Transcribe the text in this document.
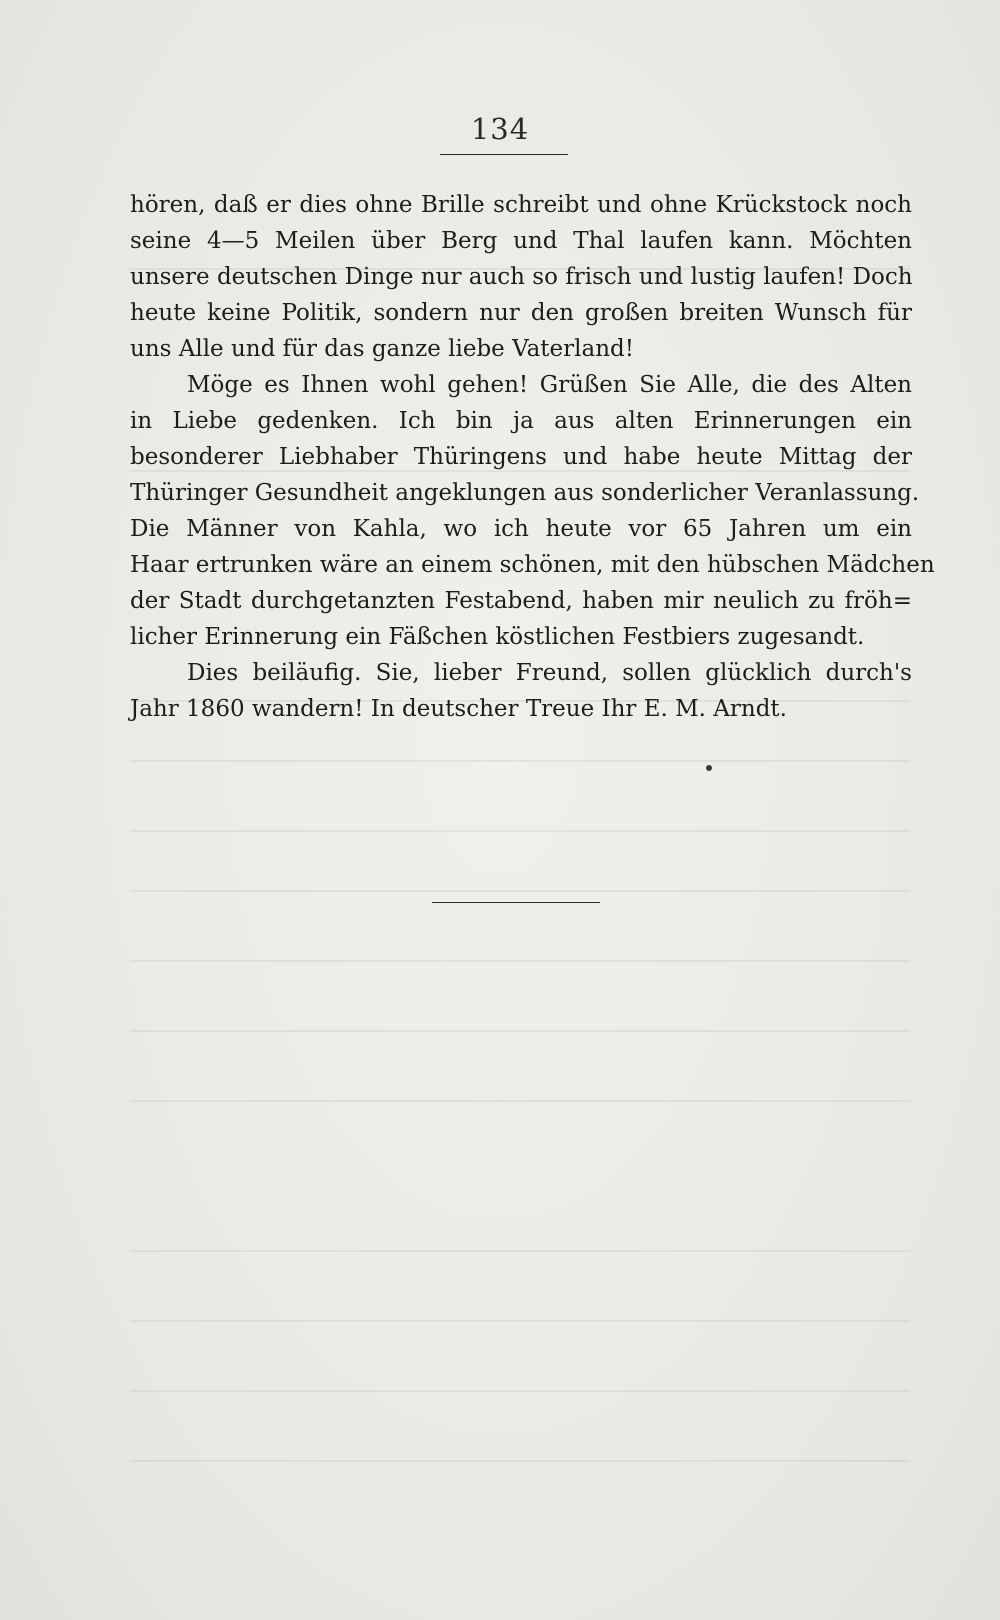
134
hören, daß er dies ohne Brille schreibt und ohne Krückstock noch
seine 4—5 Meilen über Berg und Thal laufen kann. Möchten
unsere deutschen Dinge nur auch so frisch und lustig laufen! Doch
heute keine Politik, sondern nur den großen breiten Wunsch für
uns Alle und für das ganze liebe Vaterland!
Möge es Ihnen wohl gehen! Grüßen Sie Alle, die des Alten
in Liebe gedenken. Ich bin ja aus alten Erinnerungen ein
besonderer Liebhaber Thüringens und habe heute Mittag der
Thüringer Gesundheit angeklungen aus sonderlicher Veranlassung.
Die Männer von Kahla, wo ich heute vor 65 Jahren um ein
Haar ertrunken wäre an einem schönen, mit den hübschen Mädchen
der Stadt durchgetanzten Festabend, haben mir neulich zu fröh=
licher Erinnerung ein Fäßchen köstlichen Festbiers zugesandt.
Dies beiläufig. Sie, lieber Freund, sollen glücklich durch's
Jahr 1860 wandern! In deutscher Treue Ihr E. M. Arndt.
